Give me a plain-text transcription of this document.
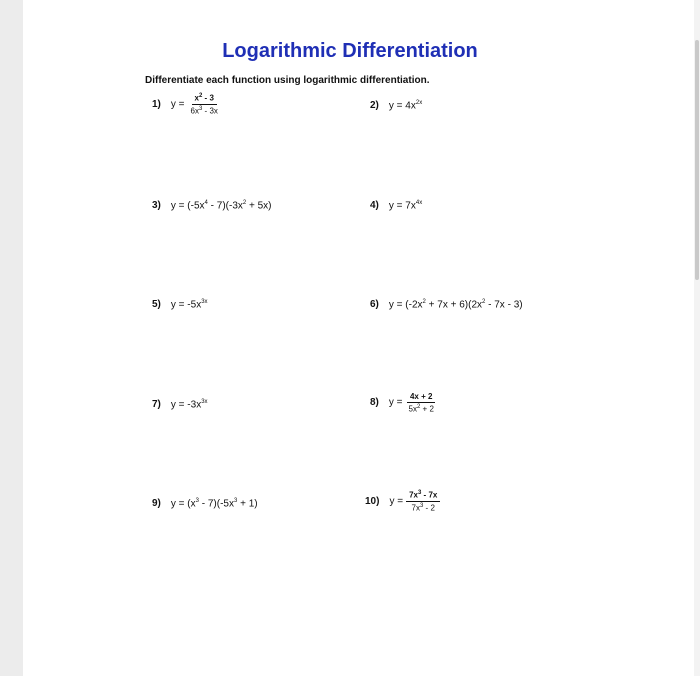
Logarithmic Differentiation
Differentiate each function using logarithmic differentiation.
1) $y = \frac{x^2 - 3}{6x^3 - 3x}$	2) $y = 4x^{2x}$
3) $y = (-5x^4 - 7)(-3x^2 + 5x)$	4) $y = 7x^{4x}$
5) $y = -5x^{3x}$	6) $y = (-2x^2 + 7x + 6)(2x^2 - 7x - 3)$
7) $y = -3x^{3x}$	8) $y = \frac{4x + 2}{5x^2 + 2}$
9) $y = (x^3 - 7)(-5x^3 + 1)$	10) $y = \frac{7x^3 - 7x}{7x^3 - 2}$
